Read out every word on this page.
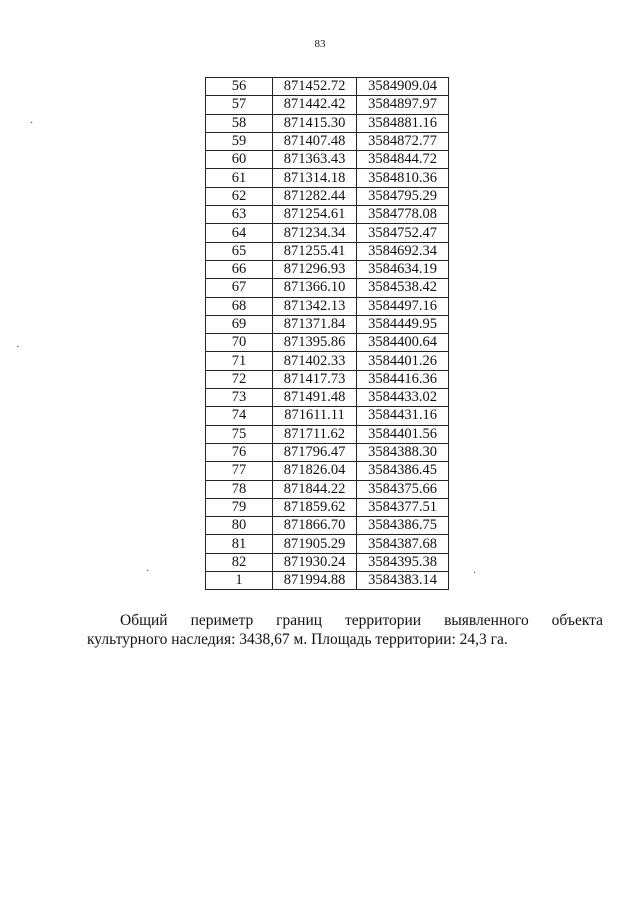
83
·
·
·	·
56	871452.72	3584909.04
57	871442.42	3584897.97
58	871415.30	3584881.16
59	871407.48	3584872.77
60	871363.43	3584844.72
61	871314.18	3584810.36
62	871282.44	3584795.29
63	871254.61	3584778.08
64	871234.34	3584752.47
65	871255.41	3584692.34
66	871296.93	3584634.19
67	871366.10	3584538.42
68	871342.13	3584497.16
69	871371.84	3584449.95
70	871395.86	3584400.64
71	871402.33	3584401.26
72	871417.73	3584416.36
73	871491.48	3584433.02
74	871611.11	3584431.16
75	871711.62	3584401.56
76	871796.47	3584388.30
77	871826.04	3584386.45
78	871844.22	3584375.66
79	871859.62	3584377.51
80	871866.70	3584386.75
81	871905.29	3584387.68
82	871930.24	3584395.38
1	871994.88	3584383.14

Общий периметр границ территории выявленного объекта
культурного наследия: 3438,67 м. Площадь территории: 24,3 га.
